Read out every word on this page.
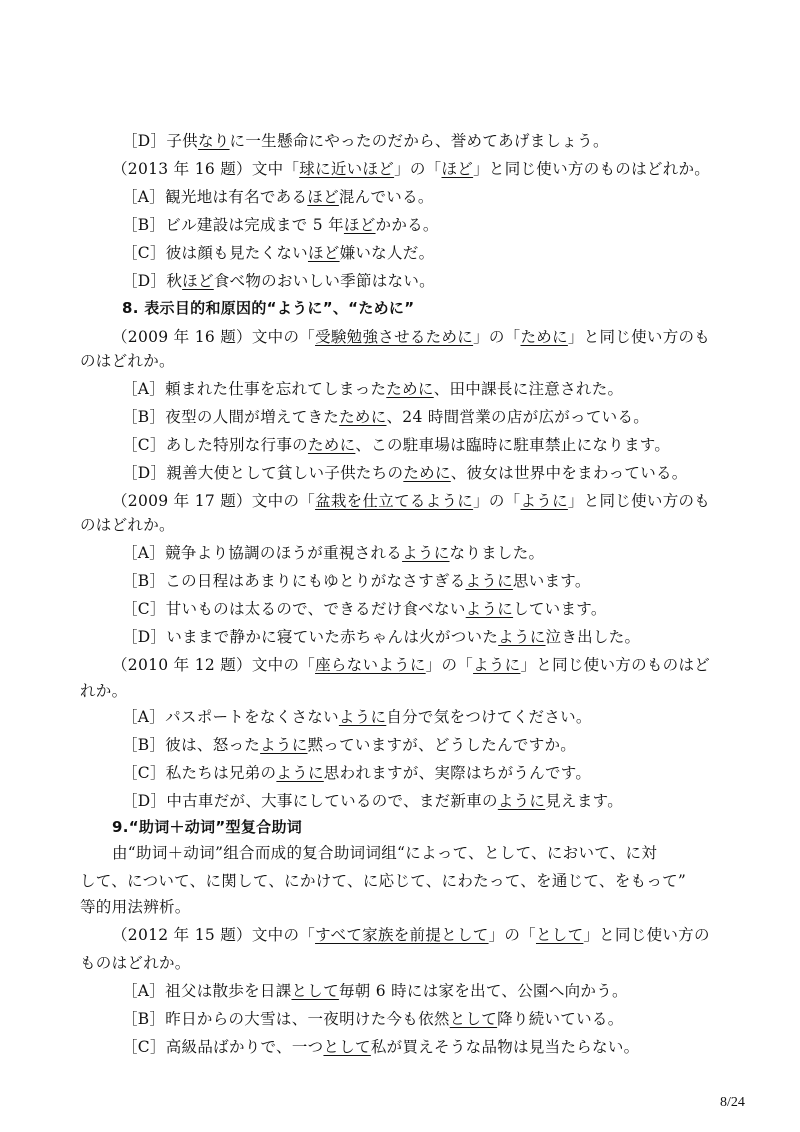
［D］子供なりに一生懸命にやったのだから、誉めてあげましょう。
（2013 年 16 题）文中「球に近いほど」の「ほど」と同じ使い方のものはどれか。
［A］観光地は有名であるほど混んでいる。
［B］ビル建設は完成まで 5 年ほどかかる。
［C］彼は顔も見たくないほど嫌いな人だ。
［D］秋ほど食べ物のおいしい季節はない。
8. 表示目的和原因的“ように”、“ために”
（2009 年 16 题）文中の「受験勉強させるために」の「ために」と同じ使い方のも
のはどれか。
［A］頼まれた仕事を忘れてしまったために、田中課長に注意された。
［B］夜型の人間が増えてきたために、24 時間営業の店が広がっている。
［C］あした特別な行事のために、この駐車場は臨時に駐車禁止になります。
［D］親善大使として貧しい子供たちのために、彼女は世界中をまわっている。
（2009 年 17 题）文中の「盆栽を仕立てるように」の「ように」と同じ使い方のも
のはどれか。
［A］競争より協調のほうが重視されるようになりました。
［B］この日程はあまりにもゆとりがなさすぎるように思います。
［C］甘いものは太るので、できるだけ食べないようにしています。
［D］いままで静かに寝ていた赤ちゃんは火がついたように泣き出した。
（2010 年 12 题）文中の「座らないように」の「ように」と同じ使い方のものはど
れか。
［A］パスポートをなくさないように自分で気をつけてください。
［B］彼は、怒ったように黙っていますが、どうしたんですか。
［C］私たちは兄弟のように思われますが、実際はちがうんです。
［D］中古車だが、大事にしているので、まだ新車のように見えます。
9.“助词＋动词”型复合助词
由“助词＋动词”组合而成的复合助词词组“によって、として、において、に対
して、について、に関して、にかけて、に応じて、にわたって、を通じて、をもって”
等的用法辨析。
（2012 年 15 题）文中の「すべて家族を前提として」の「として」と同じ使い方の
ものはどれか。
［A］祖父は散歩を日課として毎朝 6 時には家を出て、公園へ向かう。
［B］昨日からの大雪は、一夜明けた今も依然として降り続いている。
［C］高級品ばかりで、一つとして私が買えそうな品物は見当たらない。
8/24
